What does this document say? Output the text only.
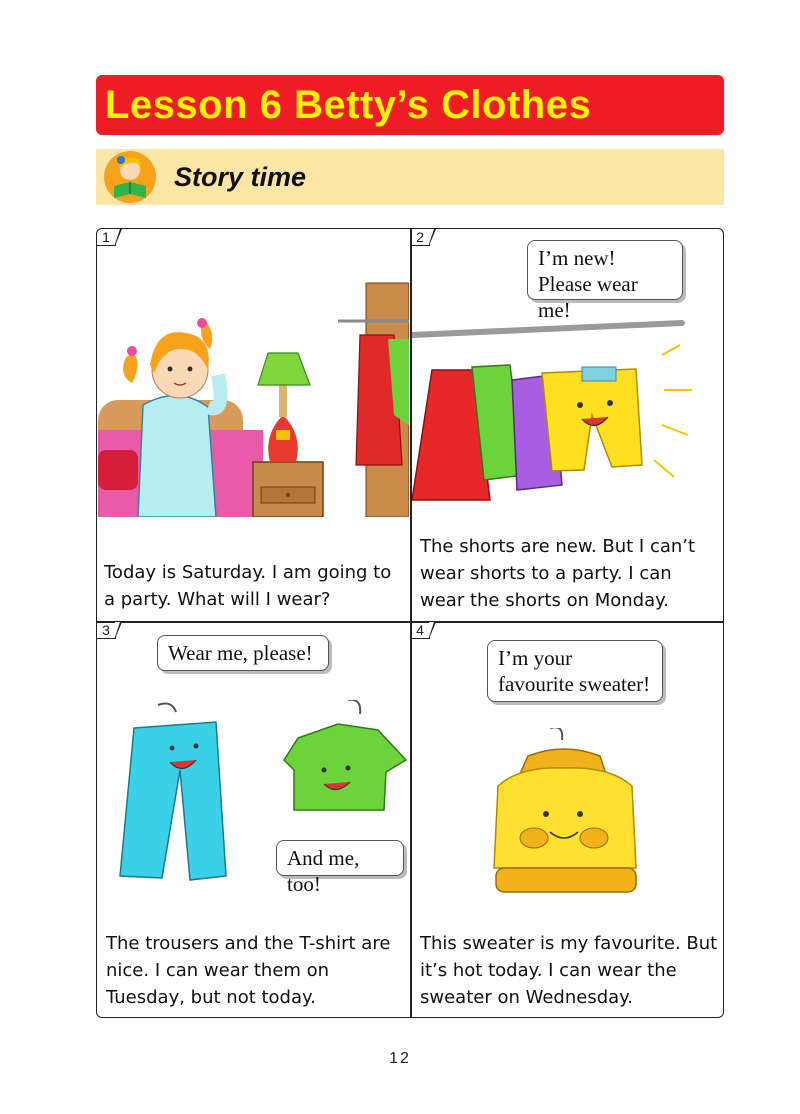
Lesson 6 Betty’s Clothes
Story time
1	2
3	4
I’m new! Please wear me!
Wear me, please!
And me, too!
I’m your favourite sweater!
Today is Saturday. I am going to a party. What will I wear?
The shorts are new. But I can’t wear shorts to a party. I can wear the shorts on Monday.
The trousers and the T-shirt are nice. I can wear them on Tuesday, but not today.
This sweater is my favourite. But it’s hot today. I can wear the sweater on Wednesday.
12
